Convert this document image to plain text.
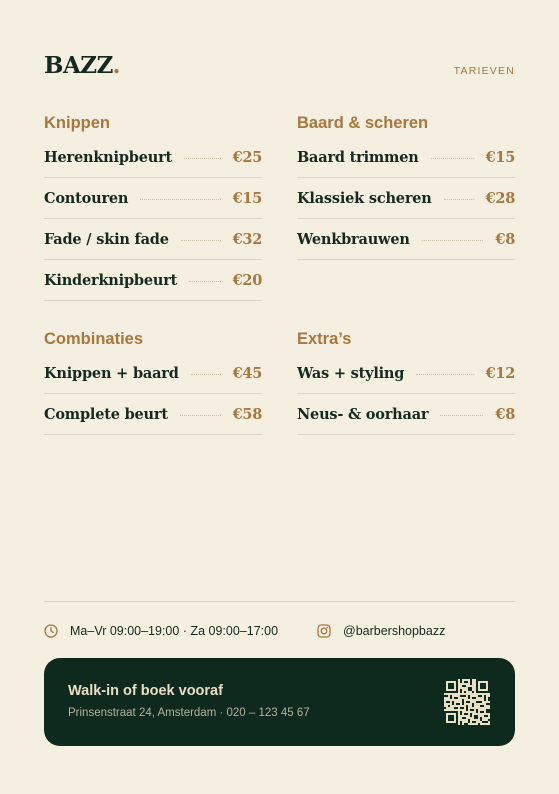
BAZZ.	TARIEVEN
Knippen
Herenknipbeurt	€25
Contouren	€15
Fade / skin fade	€32
Kinderknipbeurt	€20
Baard & scheren
Baard trimmen	€15
Klassiek scheren	€28
Wenkbrauwen	€8
Combinaties
Knippen + baard	€45
Complete beurt	€58
Extra’s
Was + styling	€12
Neus- & oorhaar	€8
Ma–Vr 09:00–19:00 · Za 09:00–17:00	@barbershopbazz
Walk-in of boek vooraf
Prinsenstraat 24, Amsterdam · 020 – 123 45 67
